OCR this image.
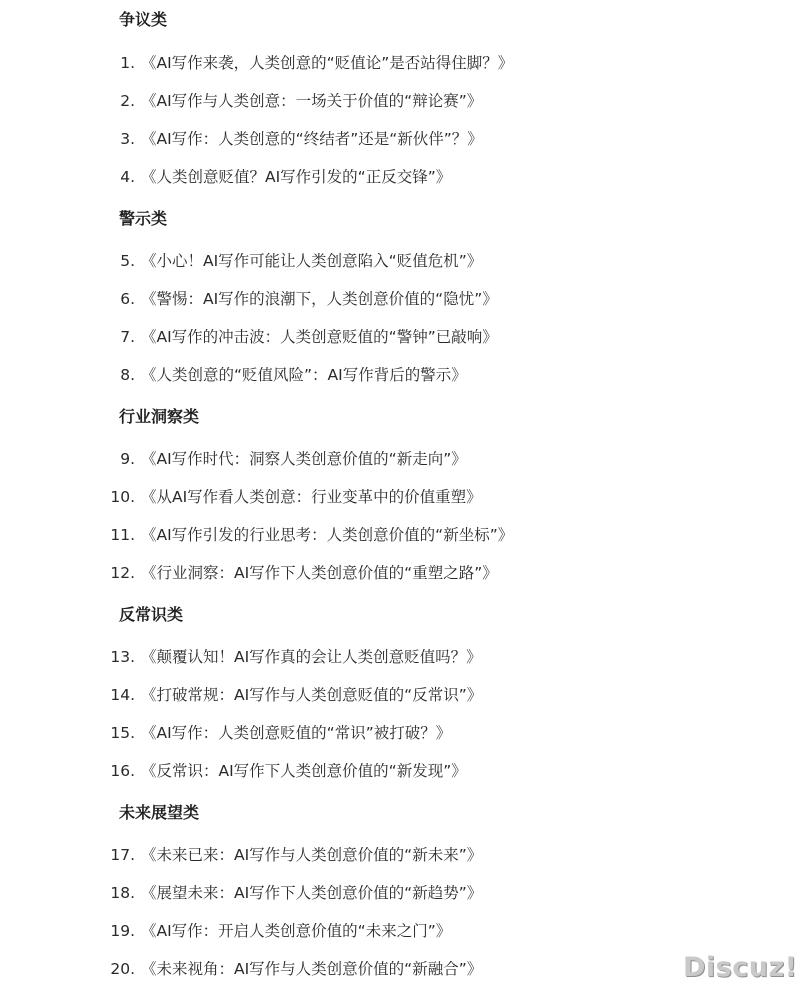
争议类
1. 《AI写作来袭，人类创意的“贬值论”是否站得住脚？》
2. 《AI写作与人类创意：一场关于价值的“辩论赛”》
3. 《AI写作：人类创意的“终结者”还是“新伙伴”？》
4. 《人类创意贬值？AI写作引发的“正反交锋”》
警示类
5. 《小心！AI写作可能让人类创意陷入“贬值危机”》
6. 《警惕：AI写作的浪潮下，人类创意价值的“隐忧”》
7. 《AI写作的冲击波：人类创意贬值的“警钟”已敲响》
8. 《人类创意的“贬值风险”：AI写作背后的警示》
行业洞察类
9. 《AI写作时代：洞察人类创意价值的“新走向”》
10. 《从AI写作看人类创意：行业变革中的价值重塑》
11. 《AI写作引发的行业思考：人类创意价值的“新坐标”》
12. 《行业洞察：AI写作下人类创意价值的“重塑之路”》
反常识类
13. 《颠覆认知！AI写作真的会让人类创意贬值吗？》
14. 《打破常规：AI写作与人类创意贬值的“反常识”》
15. 《AI写作：人类创意贬值的“常识”被打破？》
16. 《反常识：AI写作下人类创意价值的“新发现”》
未来展望类
17. 《未来已来：AI写作与人类创意价值的“新未来”》
18. 《展望未来：AI写作下人类创意价值的“新趋势”》
19. 《AI写作：开启人类创意价值的“未来之门”》
20. 《未来视角：AI写作与人类创意价值的“新融合”》	Discuz!
